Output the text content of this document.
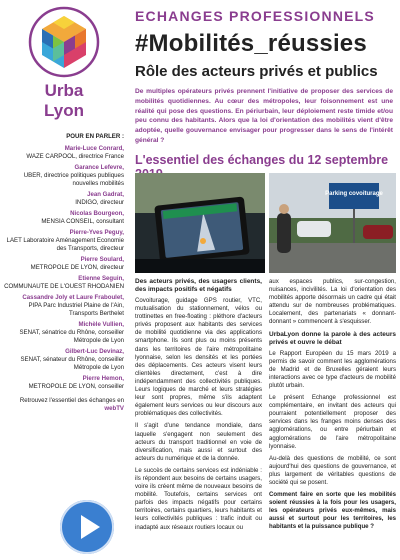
Urba
Lyon
ECHANGES PROFESSIONNELS
#Mobilités_réussies
Rôle des acteurs privés et publics
De multiples opérateurs privés prennent l'initiative de proposer des services de mobilités quotidiennes. Au cœur des métropoles, leur foisonnement est une réalité qui pose des questions. En périurbain, leur déploiement reste timide et/ou peu connu des habitants. Alors que la loi d'orientation des mobilités vient d'être adoptée, quelle gouvernance envisager pour progresser dans le sens de l'intérêt général ?
L'essentiel des échanges du 12 septembre
Parking covoiturage
POUR EN PARLER :
Marie-Luce Conrard,
WAZE CARPOOL, directrice France
Garance Lefevre,
UBER, directrice politiques publiques nouvelles mobilités
Jean Gadrat,
INDIGO, directeur
Nicolas Bourgeon,
MENSIA CONSEIL, consultant
Pierre-Yves Peguy,
LAET Laboratoire Aménagement Economie des Transports, directeur
Pierre Soulard,
METROPOLE DE LYON, directeur
Etienne Seguin,
COMMUNAUTE DE L'OUEST RHODANIEN
Cassandre Joly et Laure Fraboulet,
PIPA Parc Industriel Plaine de l'Ain, Transports Berthelet
Michèle Vullien,
SENAT, sénatrice du Rhône, conseiller Métropole de Lyon
Gilbert-Luc Devinaz,
SENAT, sénateur du Rhône, conseiller Métropole de Lyon
Pierre Hemon,
METROPOLE DE LYON, conseiller
Retrouvez l'essentiel des échanges en webTV
Des acteurs privés, des usagers clients, des impacts positifs et négatifs

Covoiturage, guidage GPS routier, VTC, mutualisation du stationnement, vélos ou trottinettes en free-floating : pléthore d'acteurs privés proposent aux habitants des services de mobilité quotidienne via des applications smartphone. Ils sont plus ou moins présents dans les territoires de l'aire métropolitaine lyonnaise, selon les densités et les portées des déplacements. Ces acteurs visent leurs clientèles directement, c'est à dire indépendamment des collectivités publiques. Leurs logiques de marché et leurs stratégies leur sont propres, même s'ils adaptent également leurs services ou leur discours aux problématiques des collectivités.

Il s'agit d'une tendance mondiale, dans laquelle s'engagent non seulement des acteurs du transport traditionnel en voie de diversification, mais aussi et surtout des acteurs du numérique et de la donnée.

Le succès de certains services est indéniable : ils répondent aux besoins de certains usagers, voire ils créent même de nouveaux besoins de mobilité. Toutefois, certains services ont parfois des impacts négatifs pour certains territoires, certains quartiers, leurs habitants et leurs collectivités publiques : trafic induit ou inadapté aux réseaux routiers locaux ou

aux espaces publics, sur-congestion, nuisances, incivilités. La loi d'orientation des mobilités apporte désormais un cadre qui était attendu sur de nombreuses problématiques. Localement, des partenariats « donnant-donnant » commencent à s'esquisser.

UrbaLyon donne la parole à des acteurs privés et ouvre le débat

Le Rapport Européen du 15 mars 2019 a permis de savoir comment les agglomérations de Madrid et de Bruxelles géraient leurs interactions avec ce type d'acteurs de mobilité plutôt urbain.

Le présent Echange professionnel est complémentaire, en invitant des acteurs qui pourraient potentiellement proposer des services dans les franges moins denses des agglomérations, ou entre périurbain et agglomérations de l'aire métropolitaine lyonnaise.

Au-delà des questions de mobilité, ce sont aujourd'hui des questions de gouvernance, et plus largement de véritables questions de société qui se posent.

Comment faire en sorte que les mobilités soient réussies à la fois pour les usagers, les opérateurs privés eux-mêmes, mais aussi et surtout pour les territoires, les habitants et la puissance publique ?
